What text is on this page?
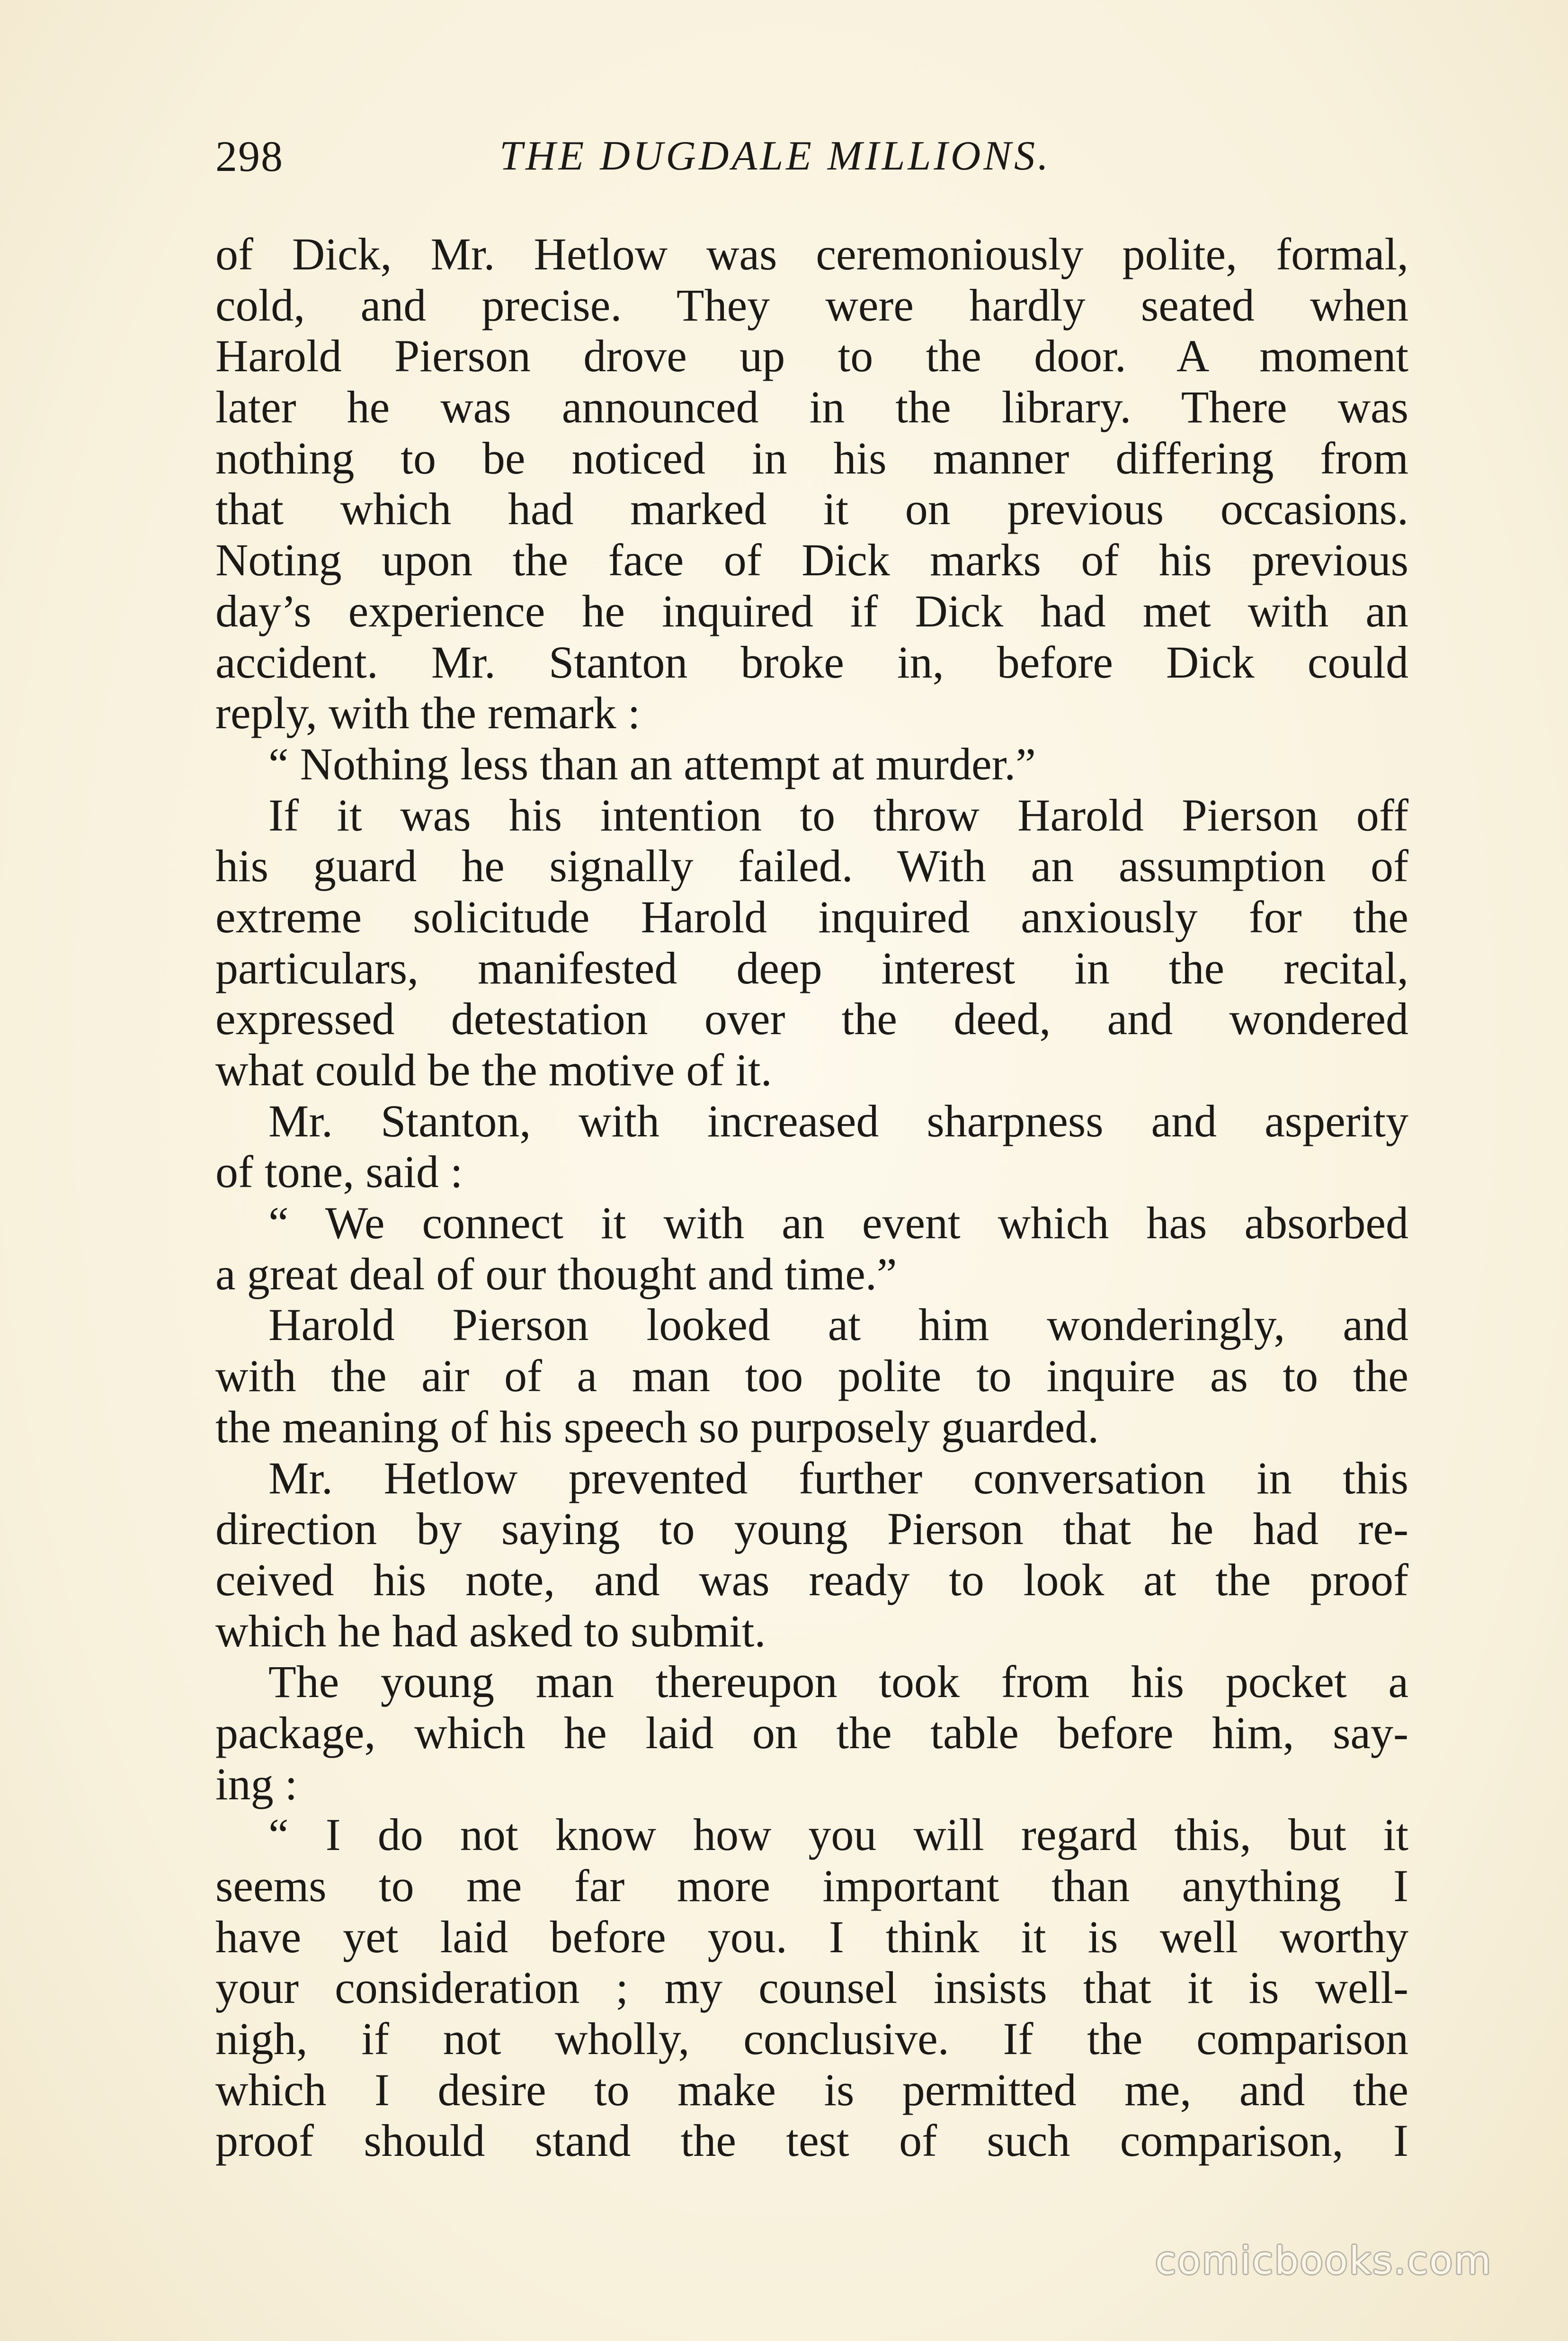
298	THE DUGDALE MILLIONS.
of Dick, Mr. Hetlow was ceremoniously polite, formal,
cold, and precise. They were hardly seated when
Harold Pierson drove up to the door. A moment
later he was announced in the library. There was
nothing to be noticed in his manner differing from
that which had marked it on previous occasions.
Noting upon the face of Dick marks of his previous
day’s experience he inquired if Dick had met with an
accident. Mr. Stanton broke in, before Dick could
reply, with the remark :
“ Nothing less than an attempt at murder.”
If it was his intention to throw Harold Pierson off
his guard he signally failed. With an assumption of
extreme solicitude Harold inquired anxiously for the
particulars, manifested deep interest in the recital,
expressed detestation over the deed, and wondered
what could be the motive of it.
Mr. Stanton, with increased sharpness and asperity
of tone, said :
“ We connect it with an event which has absorbed
a great deal of our thought and time.”
Harold Pierson looked at him wonderingly, and
with the air of a man too polite to inquire as to the
the meaning of his speech so purposely guarded.
Mr. Hetlow prevented further conversation in this
direction by saying to young Pierson that he had re-
ceived his note, and was ready to look at the proof
which he had asked to submit.
The young man thereupon took from his pocket a
package, which he laid on the table before him, say-
ing :
“ I do not know how you will regard this, but it
seems to me far more important than anything I
have yet laid before you. I think it is well worthy
your consideration ; my counsel insists that it is well-
nigh, if not wholly, conclusive. If the comparison
which I desire to make is permitted me, and the
proof should stand the test of such comparison, I
comicbooks.com
